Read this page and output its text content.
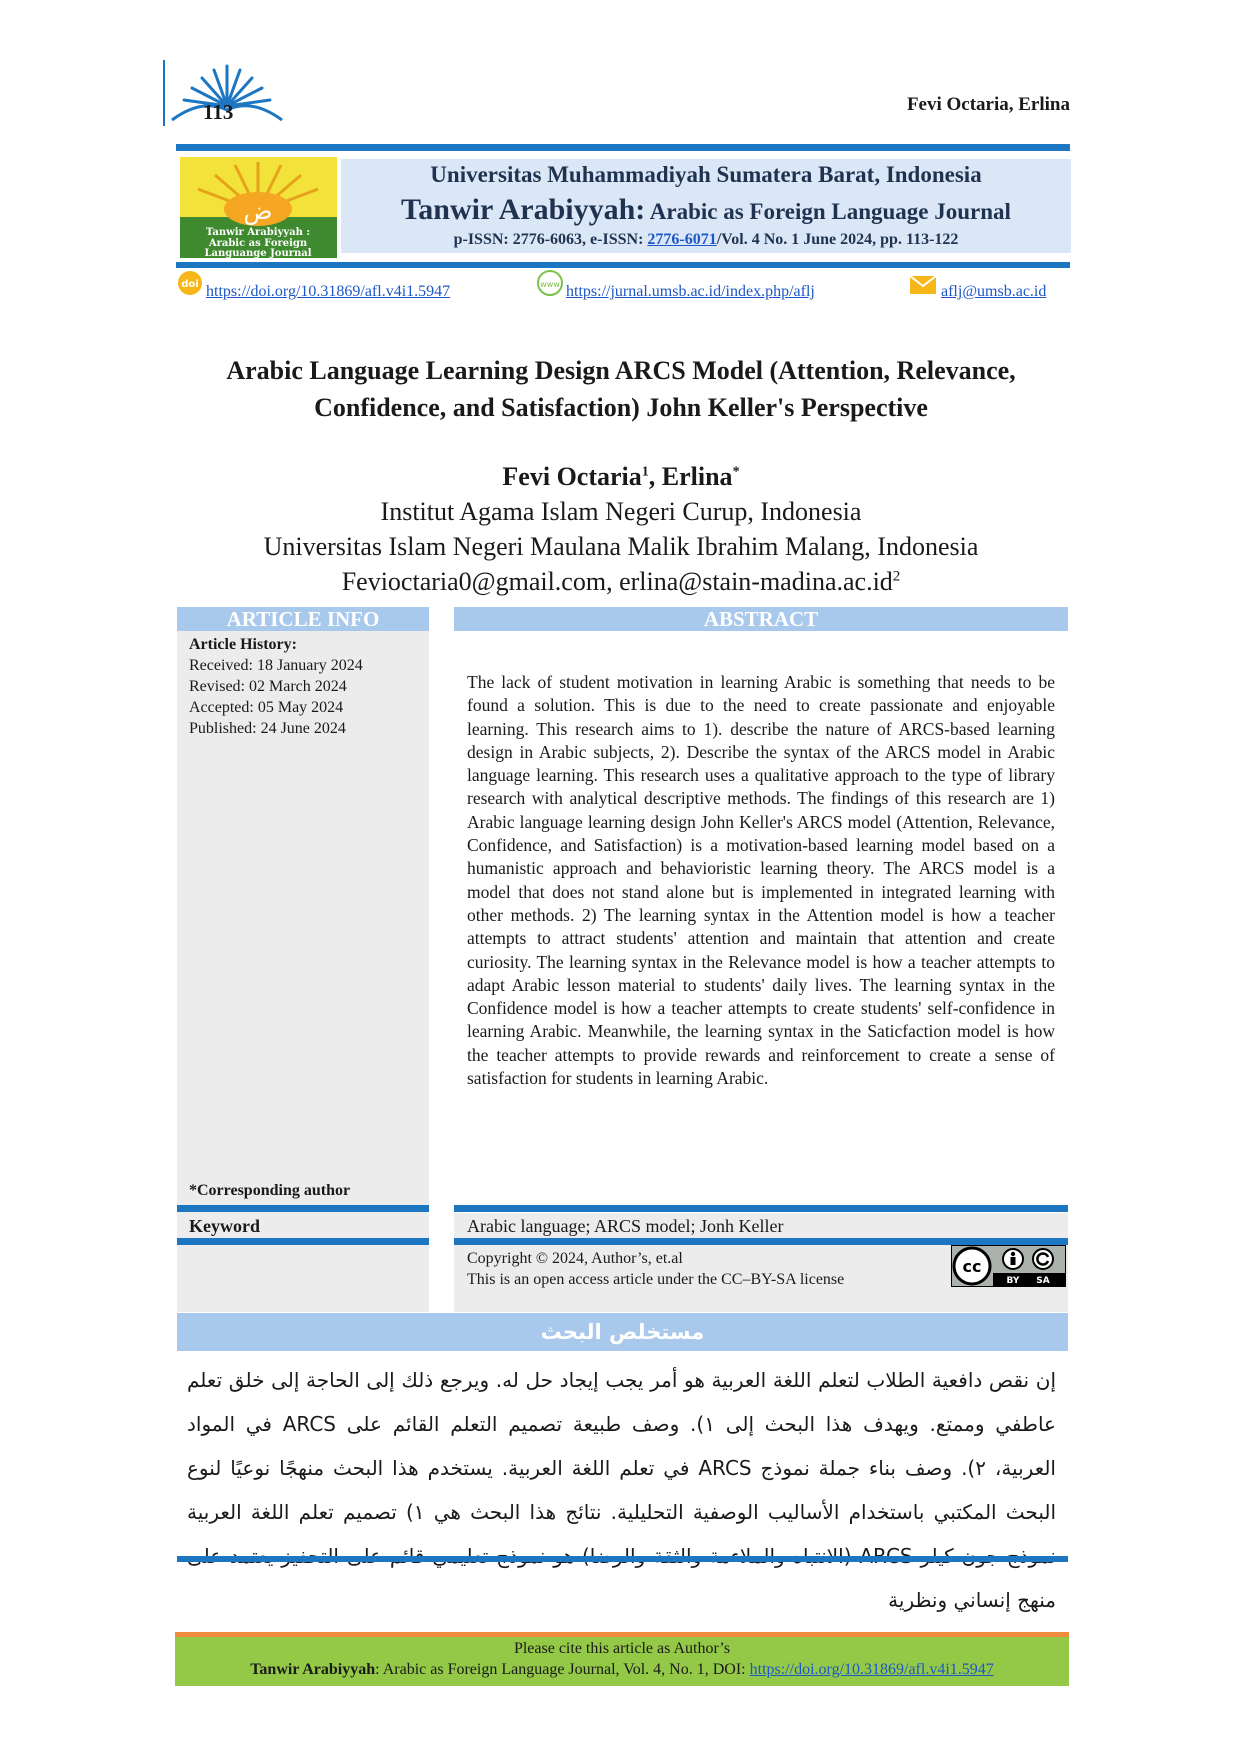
113	Fevi Octaria, Erlina
ض
Tanwir Arabiyyah :
Arabic as Foreign
Languange Journal
Universitas Muhammadiyah Sumatera Barat, Indonesia
Tanwir Arabiyyah: Arabic as Foreign Language Journal
p-ISSN: 2776-6063, e-ISSN: 2776-6071/Vol. 4 No. 1 June 2024, pp. 113-122
doi https://doi.org/10.31869/afl.v4i1.5947	www https://jurnal.umsb.ac.id/index.php/aflj	aflj@umsb.ac.id
Arabic Language Learning Design ARCS Model (Attention, Relevance,
Confidence, and Satisfaction) John Keller's Perspective
Fevi Octaria$^1$, Erlina*
Institut Agama Islam Negeri Curup, Indonesia
Universitas Islam Negeri Maulana Malik Ibrahim Malang, Indonesia
Fevioctaria0@gmail.com, $erlina@stain-madina.ac.id^2$
ARTICLE INFO	ABSTRACT
Article History:
Received: 18 January 2024
Revised: 02 March 2024
Accepted: 05 May 2024
Published: 24 June 2024
The lack of student motivation in learning Arabic is something that needs to be found a solution. This is due to the need to create passionate and enjoyable learning. This research aims to 1). describe the nature of ARCS-based learning design in Arabic subjects, 2). Describe the syntax of the ARCS model in Arabic language learning. This research uses a qualitative approach to the type of library research with analytical descriptive methods. The findings of this research are 1) Arabic language learning design John Keller's ARCS model (Attention, Relevance, Confidence, and Satisfaction) is a motivation-based learning model based on a humanistic approach and behavioristic learning theory. The ARCS model is a model that does not stand alone but is implemented in integrated learning with other methods. 2) The learning syntax in the Attention model is how a teacher attempts to attract students' attention and maintain that attention and create curiosity. The learning syntax in the Relevance model is how a teacher attempts to adapt Arabic lesson material to students' daily lives. The learning syntax in the Confidence model is how a teacher attempts to create students' self-confidence in learning Arabic. Meanwhile, the learning syntax in the Saticfaction model is how the teacher attempts to provide rewards and reinforcement to create a sense of satisfaction for students in learning Arabic.
*Corresponding author
Keyword	Arabic language; ARCS model; Jonh Keller
Copyright © 2024, Author’s, et.al
This is an open access article under the CC–BY-SA license
cc
BY SA
مستخلص البحث
إن نقص دافعية الطلاب لتعلم اللغة العربية هو أمر يجب إيجاد حل له. ويرجع ذلك إلى الحاجة إلى خلق تعلم عاطفي وممتع. ويهدف هذا البحث إلى ١). وصف طبيعة تصميم التعلم القائم على ARCS في المواد العربية، ٢). وصف بناء جملة نموذج ARCS في تعلم اللغة العربية. يستخدم هذا البحث منهجًا نوعيًا لنوع البحث المكتبي باستخدام الأساليب الوصفية التحليلية. نتائج هذا البحث هي ١) تصميم تعلم اللغة العربية منهج إنساني ونظرية
Please cite this article as Author’s
Tanwir Arabiyyah: Arabic as Foreign Language Journal, Vol. 4, No. 1, DOI: https://doi.org/10.31869/afl.v4i1.5947
